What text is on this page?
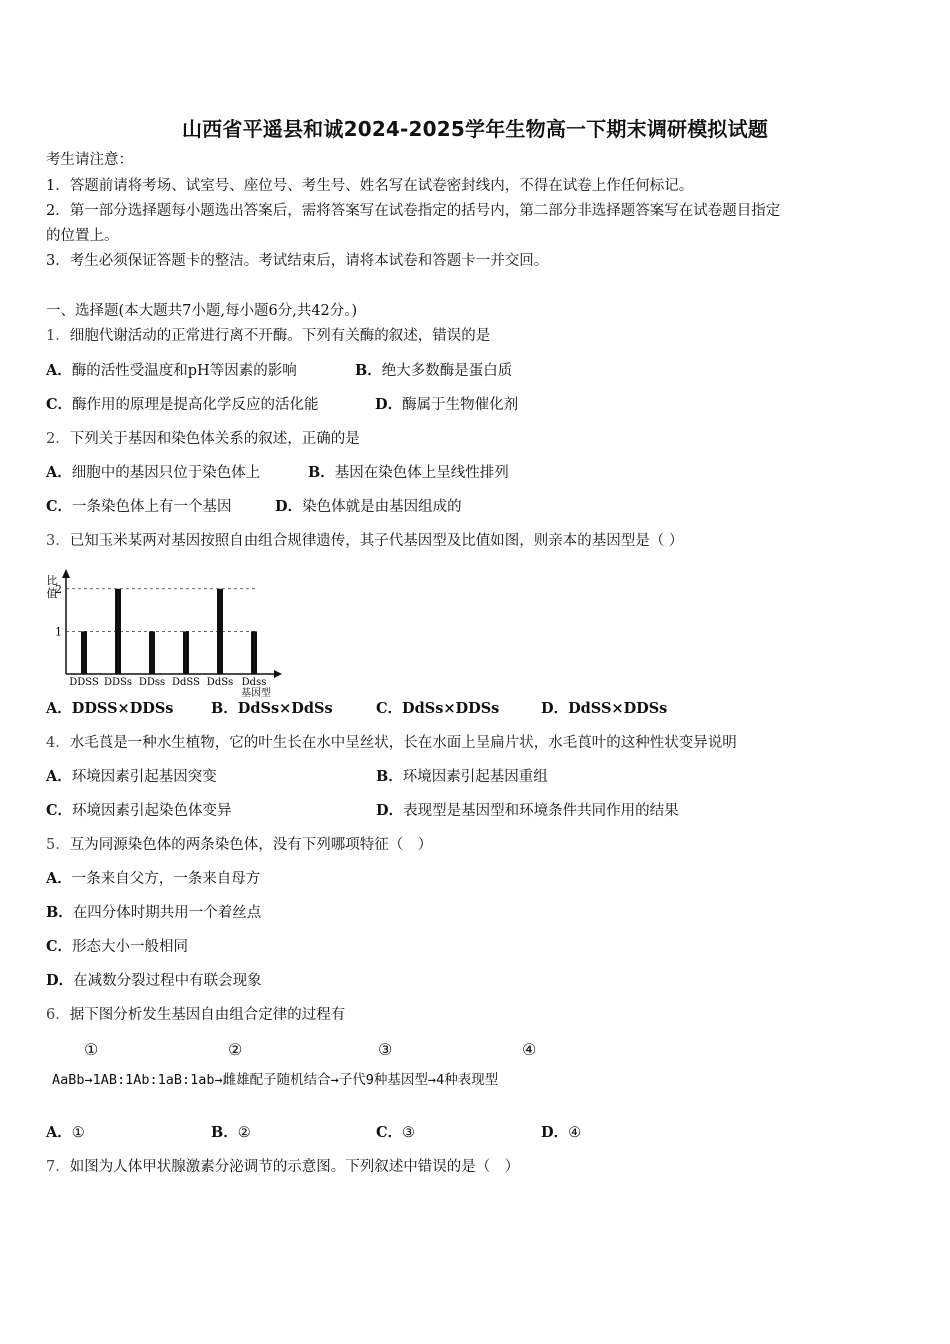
山西省平遥县和诚2024-2025学年生物高一下期末调研模拟试题
考生请注意：
1．答题前请将考场、试室号、座位号、考生号、姓名写在试卷密封线内，不得在试卷上作任何标记。
2．第一部分选择题每小题选出答案后，需将答案写在试卷指定的括号内，第二部分非选择题答案写在试卷题目指定
的位置上。
3．考生必须保证答题卡的整洁。考试结束后，请将本试卷和答题卡一并交回。
一、选择题(本大题共7小题,每小题6分,共42分。)
1．细胞代谢活动的正常进行离不开酶。下列有关酶的叙述，错误的是
A．酶的活性受温度和pH等因素的影响	B．绝大多数酶是蛋白质
C．酶作用的原理是提高化学反应的活化能	D．酶属于生物催化剂
2．下列关于基因和染色体关系的叙述，正确的是
A．细胞中的基因只位于染色体上	B．基因在染色体上呈线性排列
C．一条染色体上有一个基因	D．染色体就是由基因组成的
3．已知玉米某两对基因按照自由组合规律遗传，其子代基因型及比值如图，则亲本的基因型是（ ）
1
2
比
值
DDSS DDSs DDss DdSS DdSs Ddss
基因型
A．DDSS×DDSs	B．DdSs×DdSs	C．DdSs×DDSs	D．DdSS×DDSs
4．水毛莨是一种水生植物，它的叶生长在水中呈丝状，长在水面上呈扁片状，水毛莨叶的这种性状变异说明
A．环境因素引起基因突变	B．环境因素引起基因重组
C．环境因素引起染色体变异	D．表现型是基因型和环境条件共同作用的结果
5．互为同源染色体的两条染色体，没有下列哪项特征（　）
A．一条来自父方，一条来自母方
B．在四分体时期共用一个着丝点
C．形态大小一般相同
D．在减数分裂过程中有联会现象
6．据下图分析发生基因自由组合定律的过程有
①	②	③	④
AaBb→1AB:1Ab:1aB:1ab→雌雄配子随机结合→子代9种基因型→4种表现型
A．①	B．②	C．③	D．④
7．如图为人体甲状腺激素分泌调节的示意图。下列叙述中错误的是（　）
